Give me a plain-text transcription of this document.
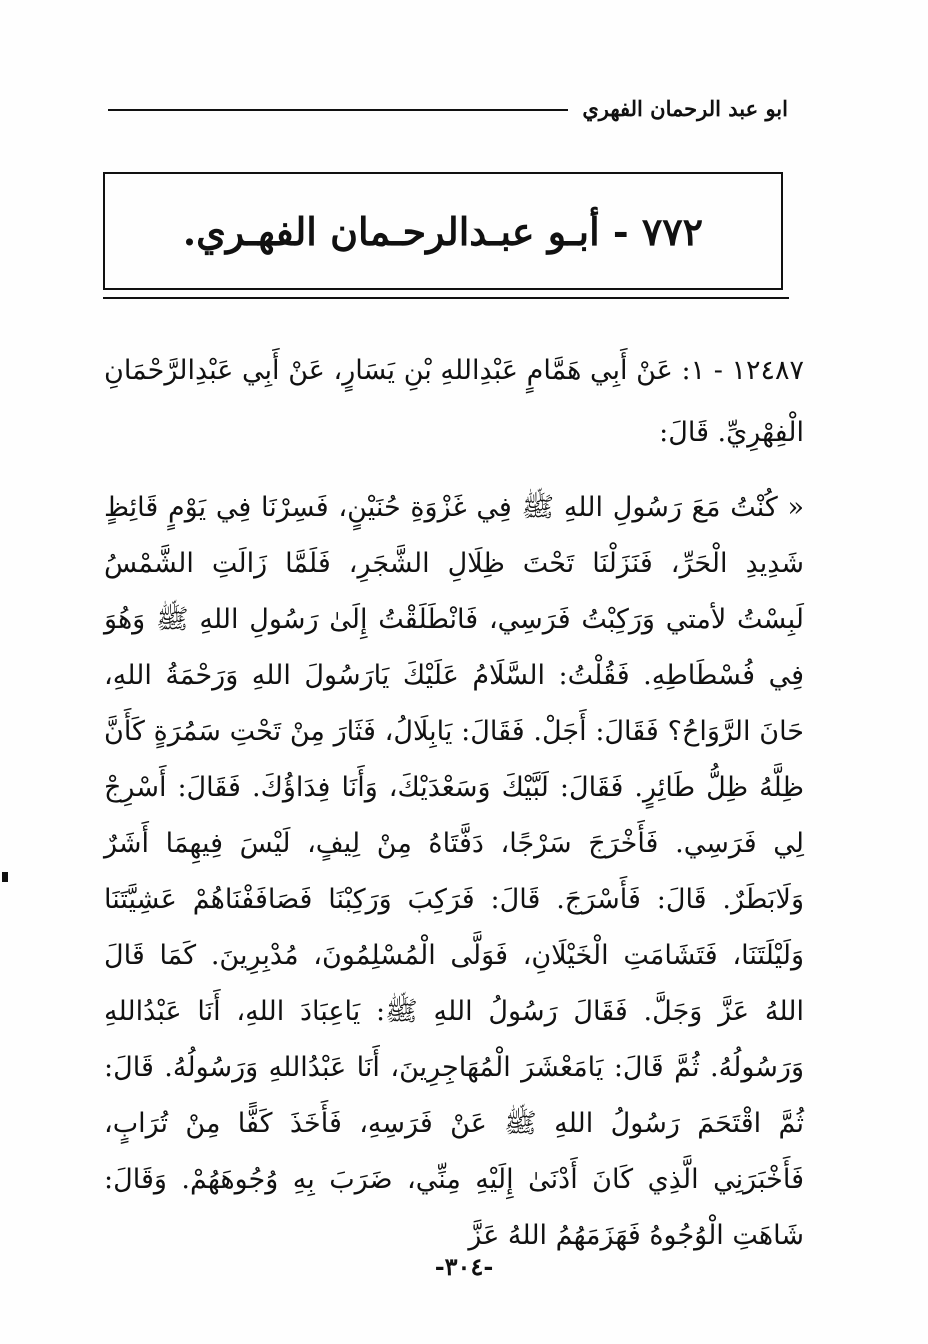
ابو عبد الرحمان الفهري
٧٧٢ - أبـو عبـدالرحـمان الفهـري.

١٢٤٨٧ - ١: عَنْ أَبِي هَمَّامٍ عَبْدِاللهِ بْنِ يَسَارٍ، عَنْ أَبِي عَبْدِالرَّحْمَانِ الْفِهْرِيِّ. قَالَ:

« كُنْتُ مَعَ رَسُولِ اللهِ ﷺ فِي غَزْوَةِ حُنَيْنٍ، فَسِرْنَا فِي يَوْمٍ قَائِظٍ شَدِيدِ الْحَرِّ، فَنَزَلْنَا تَحْتَ ظِلَالِ الشَّجَرِ، فَلَمَّا زَالَتِ الشَّمْسُ لَبِسْتُ لأمتي وَرَكِبْتُ فَرَسِي، فَانْطَلَقْتُ إِلَىٰ رَسُولِ اللهِ ﷺ وَهُوَ فِي فُسْطَاطِهِ. فَقُلْتُ: السَّلَامُ عَلَيْكَ يَارَسُولَ اللهِ وَرَحْمَةُ اللهِ، حَانَ الرَّوَاحُ؟ فَقَالَ: أَجَلْ. فَقَالَ: يَابِلَالُ، فَثَارَ مِنْ تَحْتِ سَمُرَةٍ كَأَنَّ ظِلَّهُ ظِلُّ طَائِرٍ. فَقَالَ: لَبَّيْكَ وَسَعْدَيْكَ، وَأَنَا فِدَاؤُكَ. فَقَالَ: أَسْرِجْ لِي فَرَسِي. فَأَخْرَجَ سَرْجًا، دَفَّتَاهُ مِنْ لِيفٍ، لَيْسَ فِيهِمَا أَشَرٌ وَلَابَطَرٌ. قَالَ: فَأَسْرَجَ. قَالَ: فَرَكِبَ وَرَكِبْنَا فَصَافَفْنَاهُمْ عَشِيَّتَنَا وَلَيْلَتَنَا، فَتَشَامَتِ الْخَيْلَانِ، فَوَلَّى الْمُسْلِمُونَ، مُدْبِرِينَ. كَمَا قَالَ اللهُ عَزَّ وَجَلَّ. فَقَالَ رَسُولُ اللهِ ﷺ: يَاعِبَادَ اللهِ، أَنَا عَبْدُاللهِ وَرَسُولُهُ. ثُمَّ قَالَ: يَامَعْشَرَ الْمُهَاجِرِينَ، أَنَا عَبْدُاللهِ وَرَسُولُهُ. قَالَ: ثُمَّ اقْتَحَمَ رَسُولُ اللهِ ﷺ عَنْ فَرَسِهِ، فَأَخَذَ كَفًّا مِنْ تُرَابٍ، فَأَخْبَرَنِي الَّذِي كَانَ أَدْنَىٰ إِلَيْهِ مِنِّي، ضَرَبَ بِهِ وُجُوهَهُمْ. وَقَالَ: شَاهَتِ الْوُجُوهُ فَهَزَمَهُمُ اللهُ عَزَّ

-٣٠٤-
